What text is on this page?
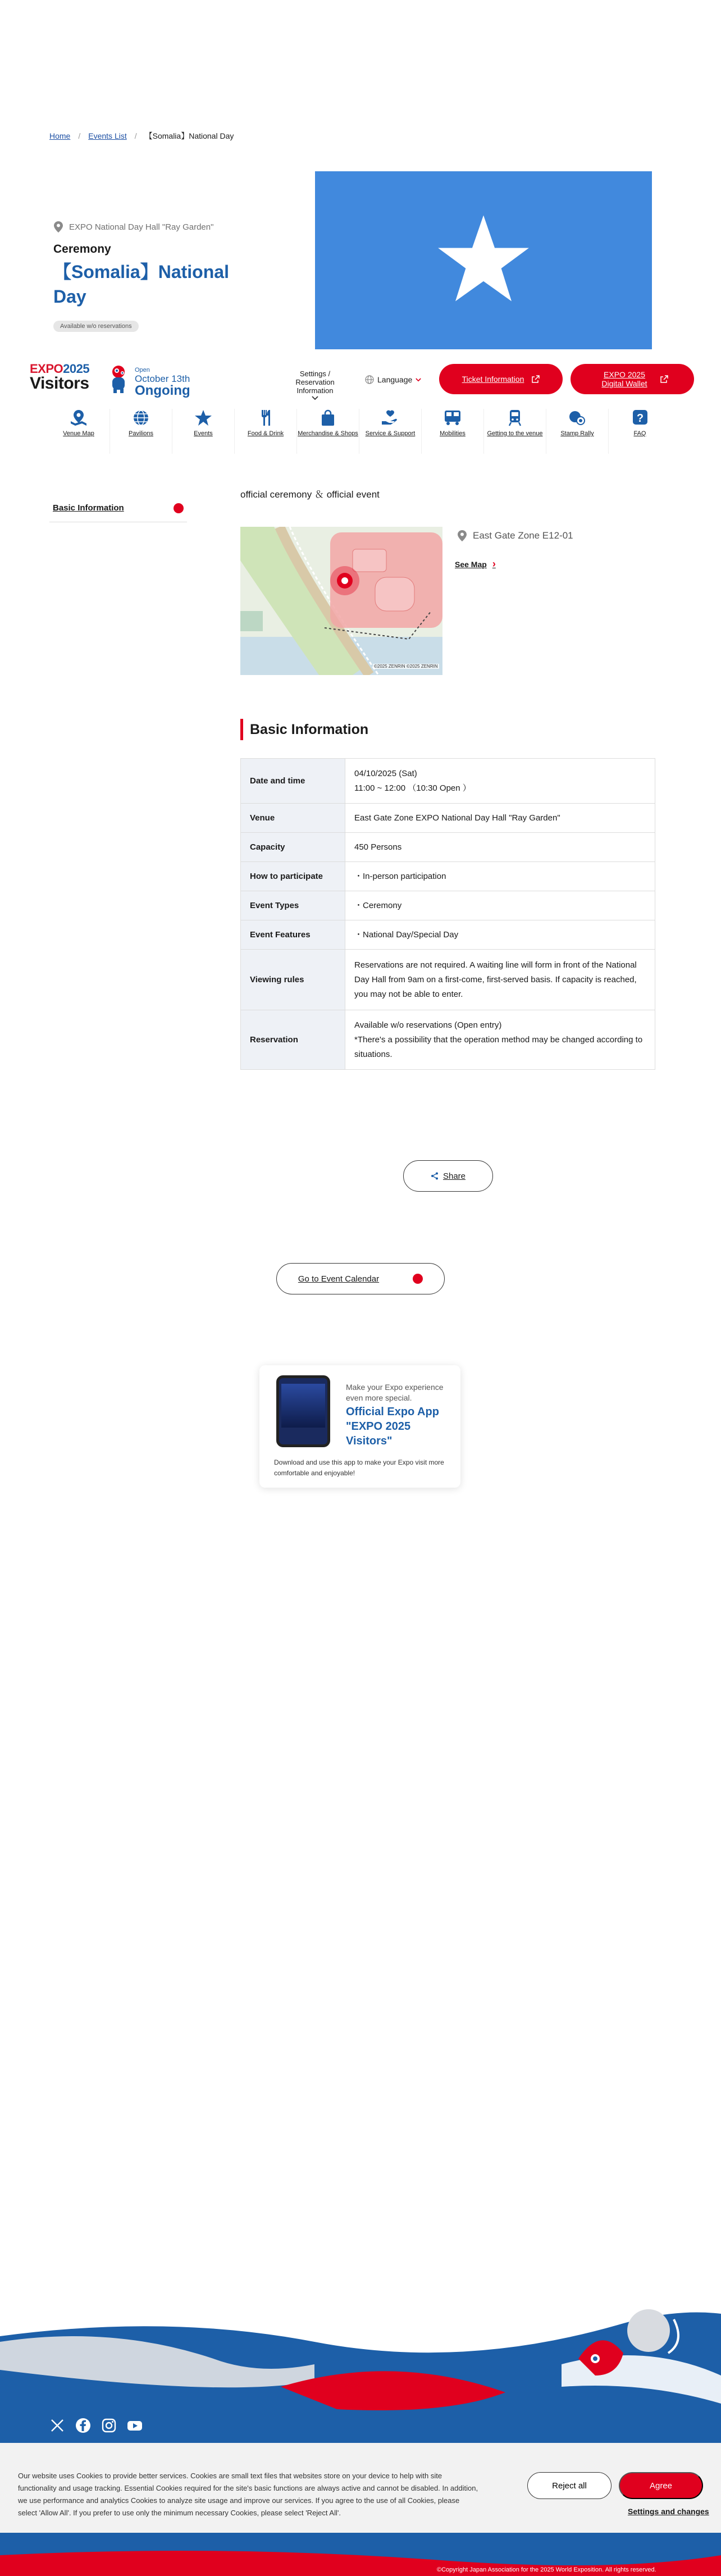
Home / Events List / 【Somalia】National Day
EXPO National Day Hall "Ray Garden"
Ceremony
【Somalia】National Day
Available w/o reservations
EXPO2025
Visitors
Open
October 13th
Ongoing
Settings / Reservation Information
Language	Ticket Information	EXPO 2025 Digital Wallet
Venue Map	Pavilions	Events	Food & Drink Merchandise & Shops Service & Support	Mobilities	Getting to the venue	Stamp Rally
?
FAQ
Basic Information

official ceremony ＆ official event

©2025 ZENRIN ©2025 ZENRIN
East Gate Zone E12-01
See Map ›
Basic Information
Date and time	04/10/2025 (Sat)
11:00 ~ 12:00 （10:30 Open ）

Venue	East Gate Zone EXPO National Day Hall "Ray Garden"
Capacity	450 Persons
How to participate	・ In-person participation
Event Types	・ Ceremony
Event Features	・ National Day/Special Day
Viewing rules	Reservations are not required. A waiting line will form in front of the National Day Hall from 9am on a first-come, first-served basis. If capacity is reached, you may not be able to enter.
Reservation	Available w/o reservations (Open entry)
*There's a possibility that the operation method may be changed according to situations.
Share
Go to Event Calendar
Make your Expo experience even more special.
Official Expo App "EXPO 2025 Visitors"
Download and use this app to make your Expo visit more comfortable and enjoyable!

Our website uses Cookies to provide better services. Cookies are small text files that websites store on your device to help with site functionality and usage tracking. Essential Cookies required for the site's basic functions are always active and cannot be disabled. In addition, we use performance and analytics Cookies to analyze site usage and improve our services. If you agree to the use of all Cookies, please select 'Allow All'. If you prefer to use only the minimum necessary Cookies, please select 'Reject All'.

Reject all	Agree
Settings and changes
©Copyright Japan Association for the 2025 World Exposition. All rights reserved.
